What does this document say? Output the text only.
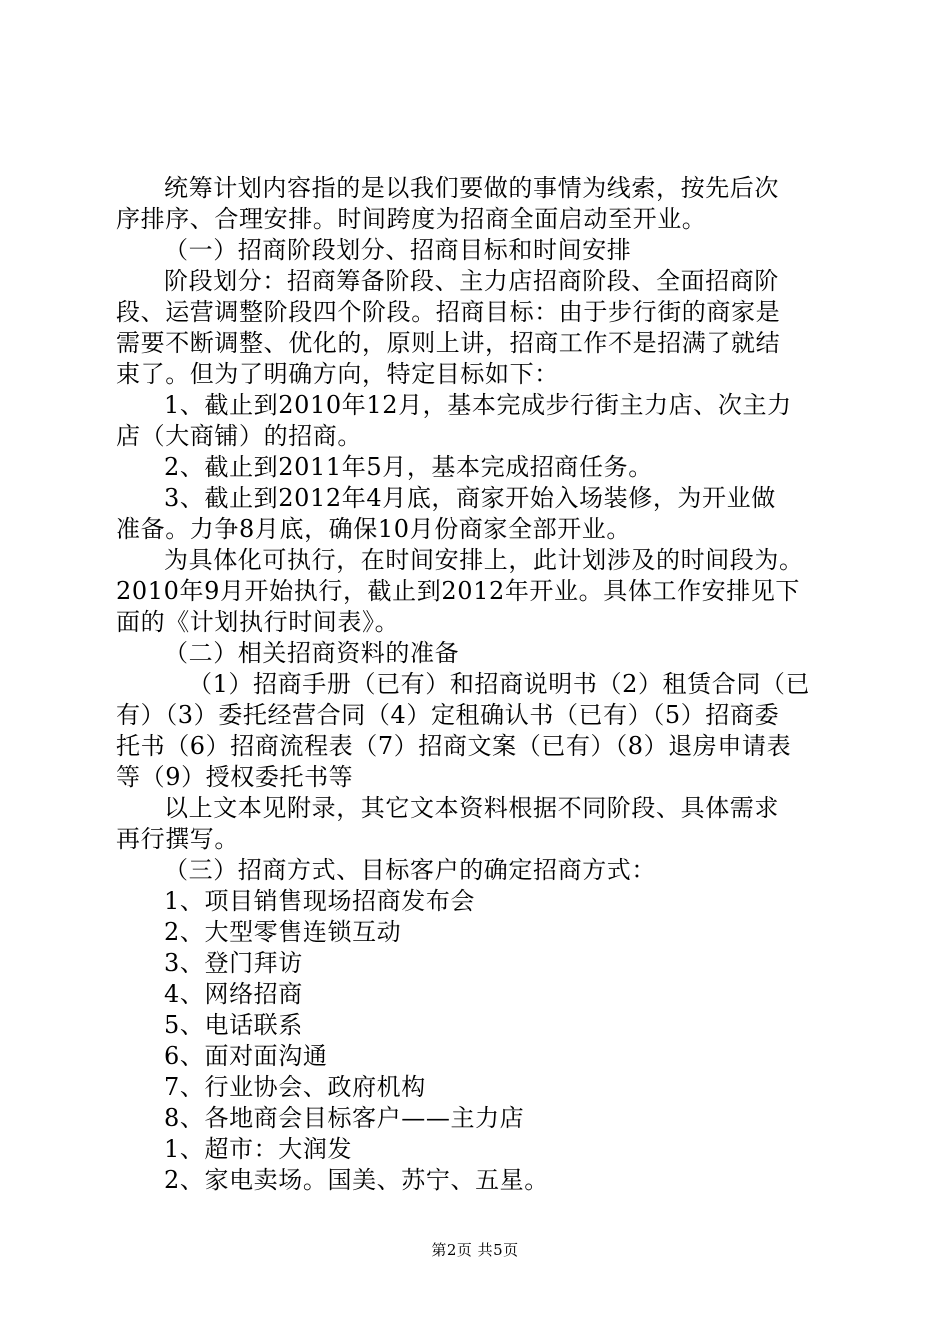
统筹计划内容指的是以我们要做的事情为线索，按先后次
序排序、合理安排。时间跨度为招商全面启动至开业。
（一）招商阶段划分、招商目标和时间安排
阶段划分：招商筹备阶段、主力店招商阶段、全面招商阶
段、运营调整阶段四个阶段。招商目标：由于步行街的商家是
需要不断调整、优化的，原则上讲，招商工作不是招满了就结
束了。但为了明确方向，特定目标如下：
1、截止到2010年12月，基本完成步行街主力店、次主力
店（大商铺）的招商。
2、截止到2011年5月，基本完成招商任务。
3、截止到2012年4月底，商家开始入场装修，为开业做
准备。力争8月底，确保10月份商家全部开业。
为具体化可执行，在时间安排上，此计划涉及的时间段为。
2010年9月开始执行，截止到2012年开业。具体工作安排见下
面的《计划执行时间表》。
（二）相关招商资料的准备
（1）招商手册（已有）和招商说明书（2）租赁合同（已
有）（3）委托经营合同（4）定租确认书（已有）（5）招商委
托书（6）招商流程表（7）招商文案（已有）（8）退房申请表
等（9）授权委托书等
以上文本见附录，其它文本资料根据不同阶段、具体需求
再行撰写。
（三）招商方式、目标客户的确定招商方式：
1、项目销售现场招商发布会
2、大型零售连锁互动
3、登门拜访
4、网络招商
5、电话联系
6、面对面沟通
7、行业协会、政府机构
8、各地商会目标客户——主力店
1、超市：大润发
2、家电卖场。国美、苏宁、五星。
第2页 共5页
